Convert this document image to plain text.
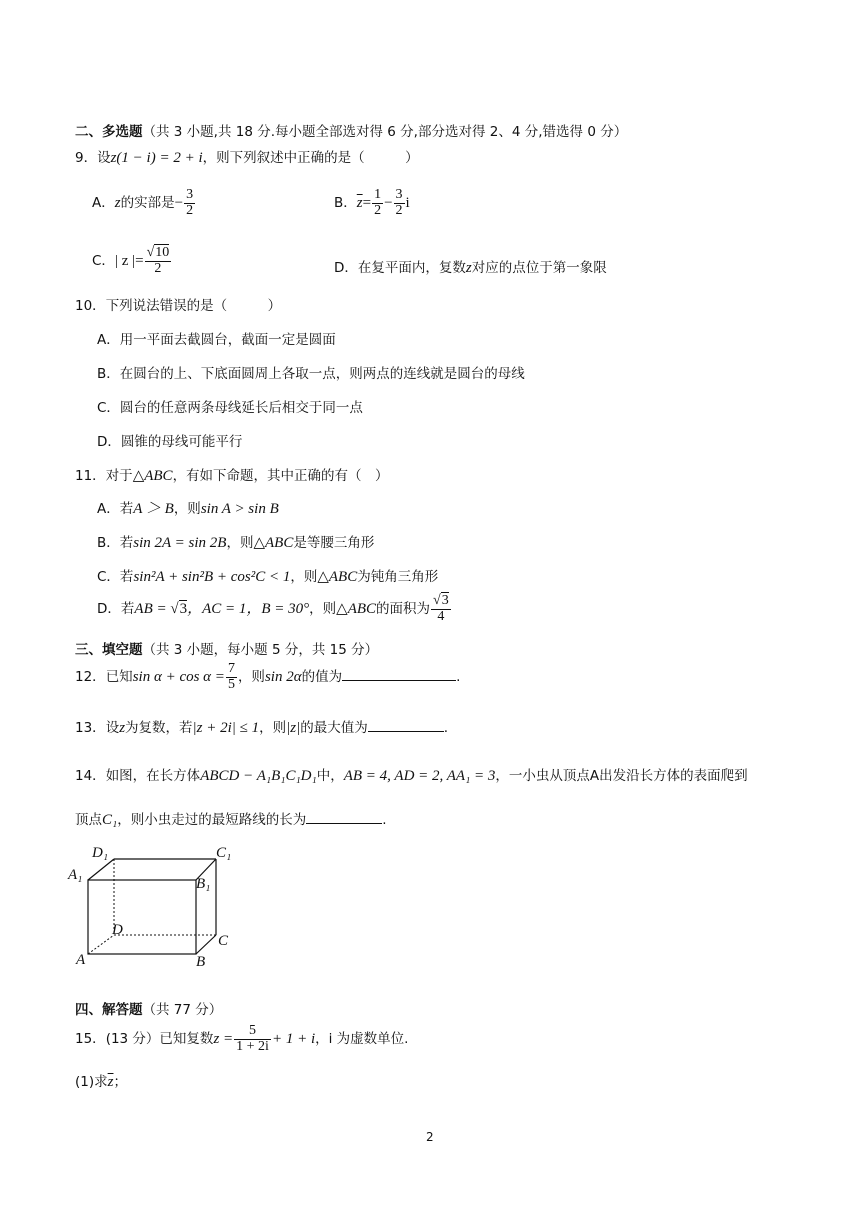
二、多选题（共 3 小题,共 18 分.每小题全部选对得 6 分,部分选对得 2、4 分,错选得 0 分）
9．设z(1 − i) = 2 + i，则下列叙述中正确的是（　　　）
A．z的实部是− $\frac{3}{2}$	B．$\overline{z}= \frac{1}{2} - \frac{3}{2}$ i
C．| z |= $\frac{√10}{2}$	D．在复平面内，复数z对应的点位于第一象限
10．下列说法错误的是（　　　）
A．用一平面去截圆台，截面一定是圆面
B．在圆台的上、下底面圆周上各取一点，则两点的连线就是圆台的母线
C．圆台的任意两条母线延长后相交于同一点
D．圆锥的母线可能平行
11．对于△ABC，有如下命题，其中正确的有（　）
A．若A ＞ B，则sin A > sin B
B．若sin 2A = sin 2B，则△ABC是等腰三角形
C．若sin²A + sin²B + cos²C < 1，则△ABC为钝角三角形
D．若AB = √3，AC = 1，B = 30°，则△ABC的面积为 $\frac{√3}{4}$
三、填空题（共 3 小题，每小题 5 分，共 15 分）
12．已知$\sin \alpha + \cos \alpha = \frac{7}{5}$ ，则sin 2α的值为	.
13．设z为复数，若|z + 2i| ≤ 1，则|z|的最大值为	.
14．如图，在长方体ABCD − A₁B₁C₁D₁中，AB = 4, AD = 2, AA₁ = 3，一小虫从顶点A出发沿长方体的表面爬到
顶点C₁，则小虫走过的最短路线的长为	.
D₁	C₁
A₁
B₁
D
C
A	B
四、解答题（共 77 分）
15．(13 分）已知复数$z = \frac{5}{1 + 2i} + 1 + i$，i 为虚数单位.
(1)求$\overline{z}$；
2
